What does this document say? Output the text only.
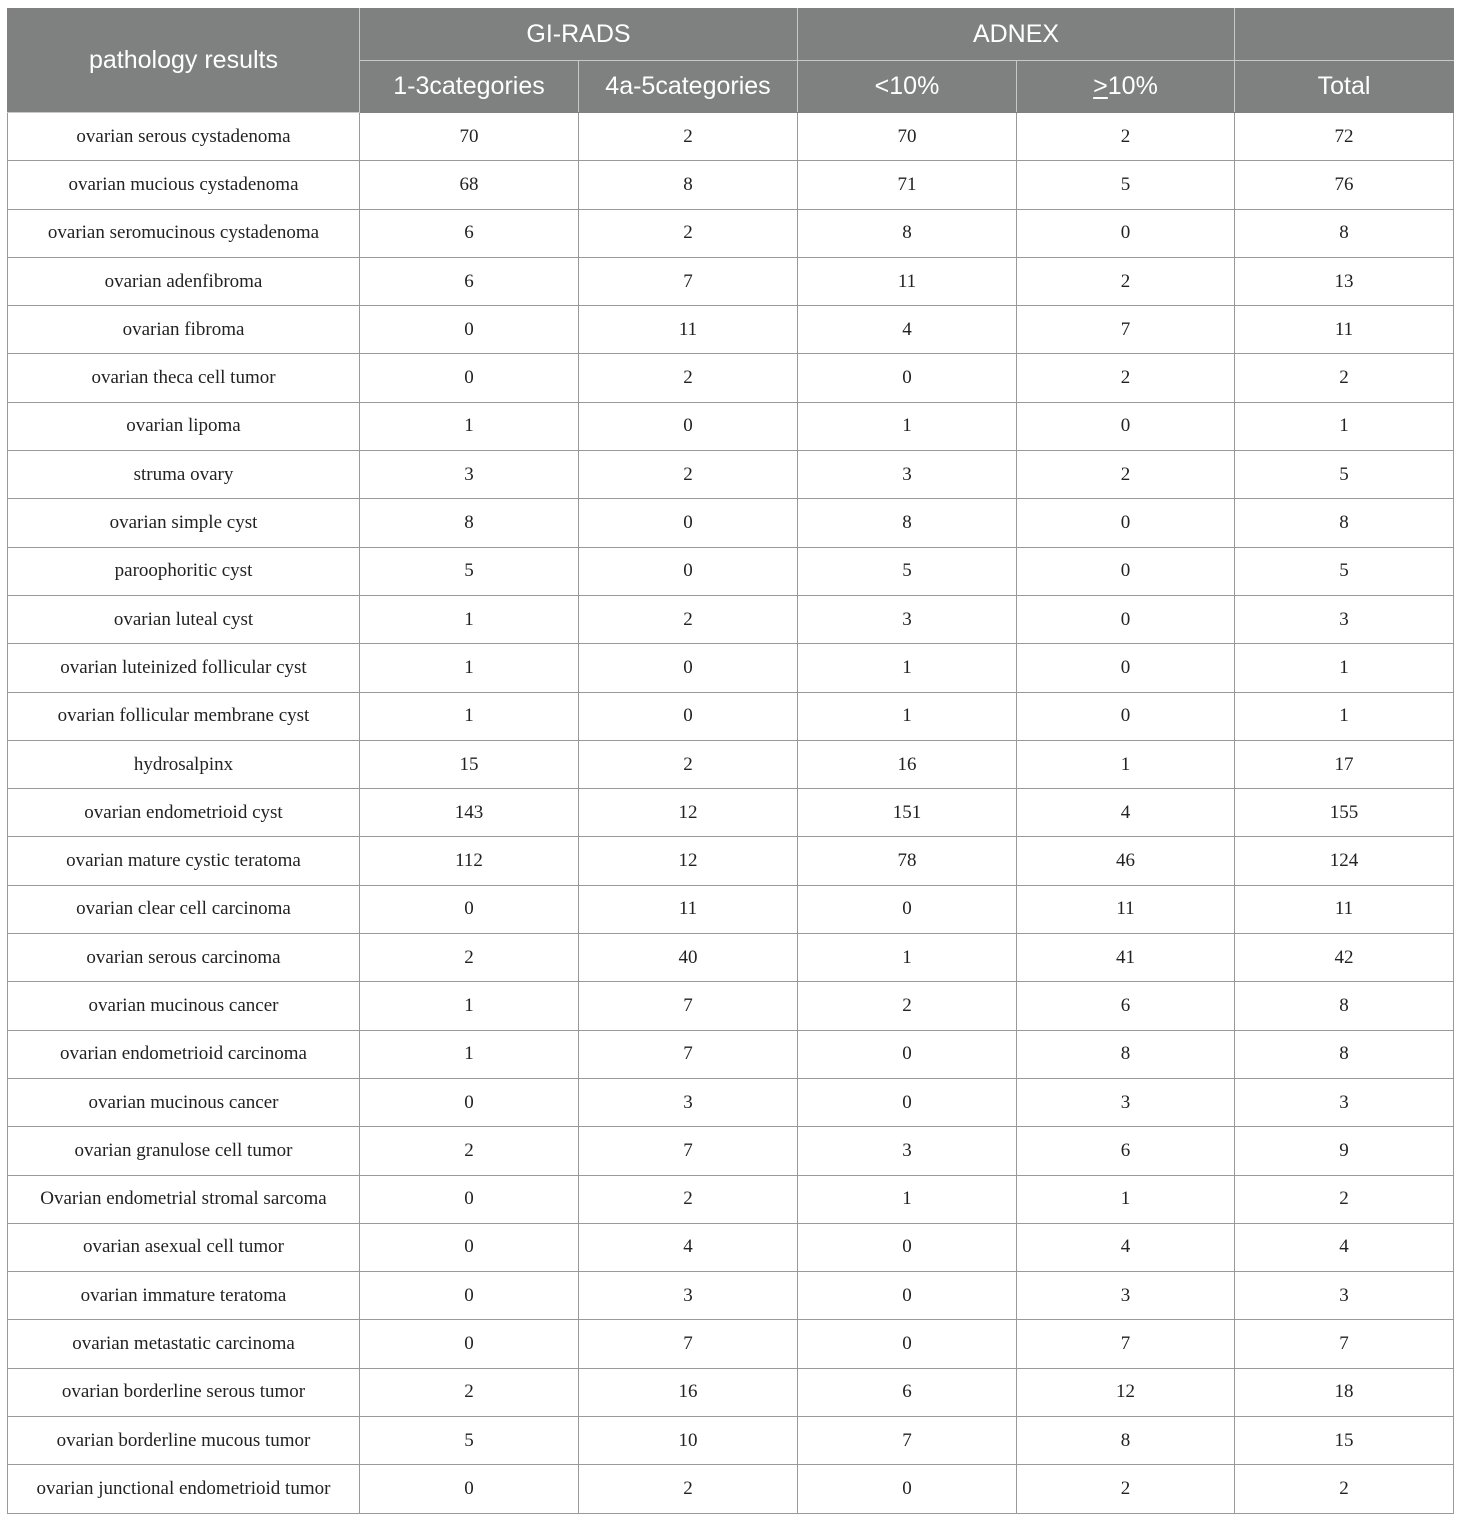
pathology results	GI-RADS		ADNEX		
	1-3categories	4a-5categories	<10%	≥10%	Total
ovarian serous cystadenoma	70	2	70	2	72
ovarian mucious cystadenoma	68	8	71	5	76
ovarian seromucinous cystadenoma	6	2	8	0	8
ovarian adenfibroma	6	7	11	2	13
ovarian fibroma	0	11	4	7	11
ovarian theca cell tumor	0	2	0	2	2
ovarian lipoma	1	0	1	0	1
struma ovary	3	2	3	2	5
ovarian simple cyst	8	0	8	0	8
paroophoritic cyst	5	0	5	0	5
ovarian luteal cyst	1	2	3	0	3
ovarian luteinized follicular cyst	1	0	1	0	1
ovarian follicular membrane cyst	1	0	1	0	1
hydrosalpinx	15	2	16	1	17
ovarian endometrioid cyst	143	12	151	4	155
ovarian mature cystic teratoma	112	12	78	46	124
ovarian clear cell carcinoma	0	11	0	11	11
ovarian serous carcinoma	2	40	1	41	42
ovarian mucinous cancer	1	7	2	6	8
ovarian endometrioid carcinoma	1	7	0	8	8
ovarian mucinous cancer	0	3	0	3	3
ovarian granulose cell tumor	2	7	3	6	9
Ovarian endometrial stromal sarcoma	0	2	1	1	2
ovarian asexual cell tumor	0	4	0	4	4
ovarian immature teratoma	0	3	0	3	3
ovarian metastatic carcinoma	0	7	0	7	7
ovarian borderline serous tumor	2	16	6	12	18
ovarian borderline mucous tumor	5	10	7	8	15
ovarian junctional endometrioid tumor	0	2	0	2	2
